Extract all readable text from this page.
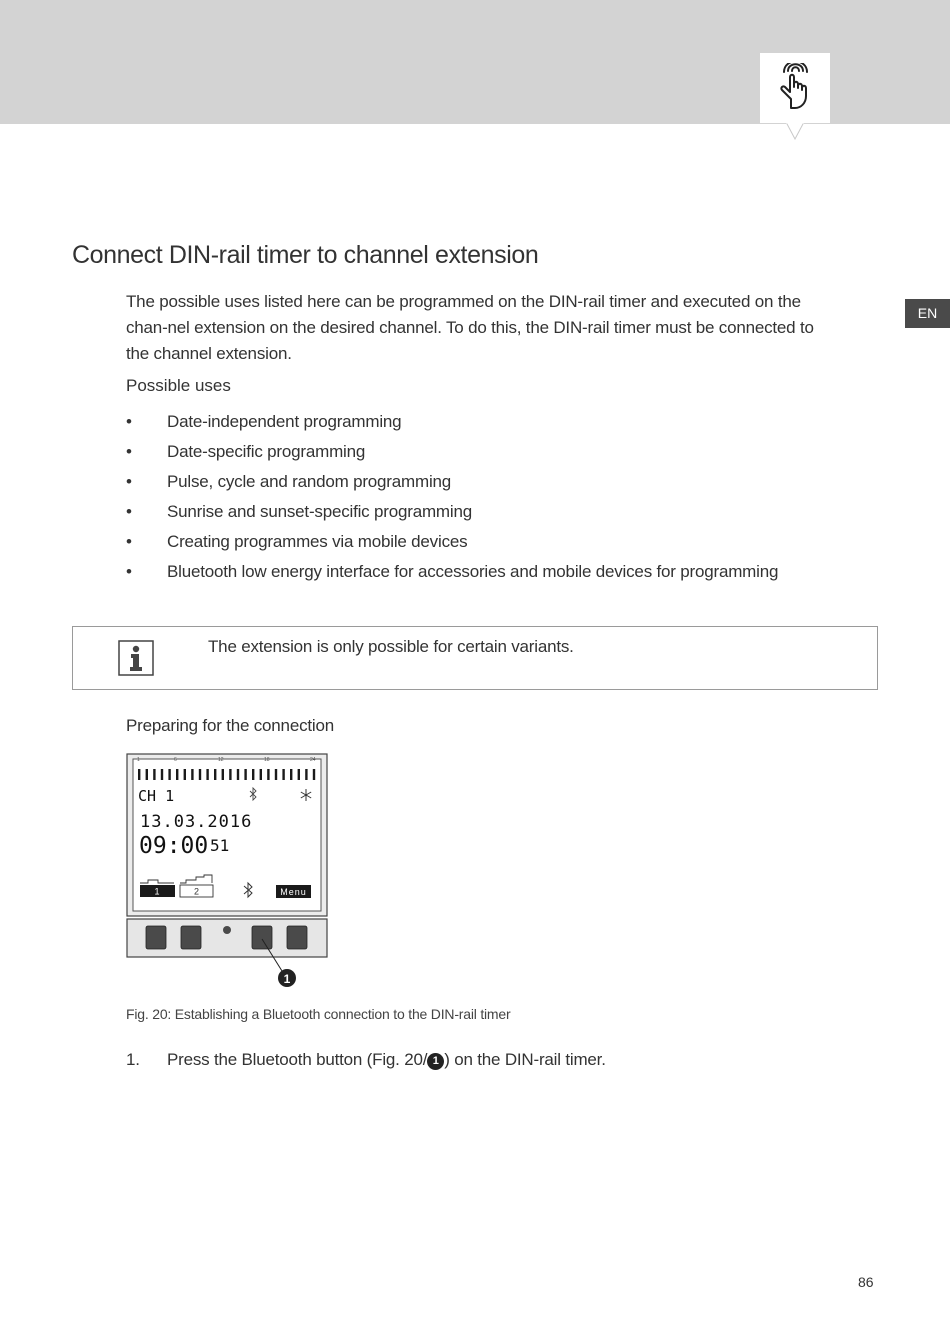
EN
Connect DIN-rail timer to channel extension

The possible uses listed here can be programmed on the DIN-rail timer and executed on the chan-nel extension on the desired channel. To do this, the DIN-rail timer must be connected to the channel extension.

Possible uses

• Date-independent programming
• Date-specific programming
• Pulse, cycle and random programming
• Sunrise and sunset-specific programming
• Creating programmes via mobile devices
• Bluetooth low energy interface for accessories and mobile devices for programming
The extension is only possible for certain variants.
Preparing for the connection
1	6	12	18	24
CH 1
13.03.2016
09:00 51
1	2	Menu
1
Fig. 20: Establishing a Bluetooth connection to the DIN-rail timer
1. Press the Bluetooth button (Fig. 20/ 1 ) on the DIN-rail timer.
86
